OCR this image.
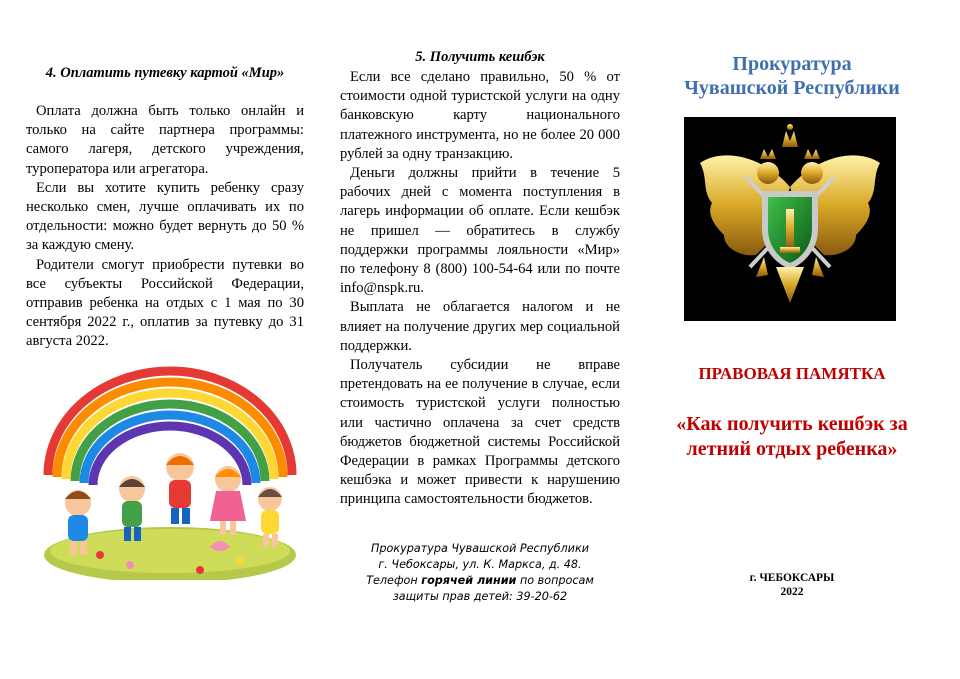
4. Оплатить путевку картой «Мир»

Оплата должна быть только онлайн и только на сайте партнера программы: самого лагеря, детского учреждения, туроператора или агрегатора.

Если вы хотите купить ребенку сразу несколько смен, лучше оплачивать их по отдельности: можно будет вернуть до 50 % за каждую смену.

Родители смогут приобрести путевки во все субъекты Российской Федерации, отправив ребенка на отдых с 1 мая по 30 сентября 2022 г., оплатив за путевку до 31 августа 2022.

5. Получить кешбэк

Если все сделано правильно, 50 % от стоимости одной туристской услуги на одну банковскую карту национального платежного инструмента, но не более 20 000 рублей за одну транзакцию.

Деньги должны прийти в течение 5 рабочих дней с момента поступления в лагерь информации об оплате. Если кешбэк не пришел — обратитесь в службу поддержки программы лояльности «Мир» по телефону 8 (800) 100-54-64 или по почте info@nspk.ru.

Выплата не облагается налогом и не влияет на получение других мер социальной поддержки.

Получатель субсидии не вправе претендовать на ее получение в случае, если стоимость туристской услуги полностью или частично оплачена за счет средств бюджетов бюджетной системы Российской Федерации в рамках Программы детского кешбэка и может привести к нарушению принципа самостоятельности бюджетов.

Прокуратура Чувашской Республики
г. Чебоксары, ул. К. Маркса, д. 48.
Телефон горячей линии по вопросам
защиты прав детей: 39-20-62
Прокуратура
Чувашской Республики
ПРАВОВАЯ ПАМЯТКА
«Как получить кешбэк за
летний отдых ребенка»
г. ЧЕБОКСАРЫ
2022
